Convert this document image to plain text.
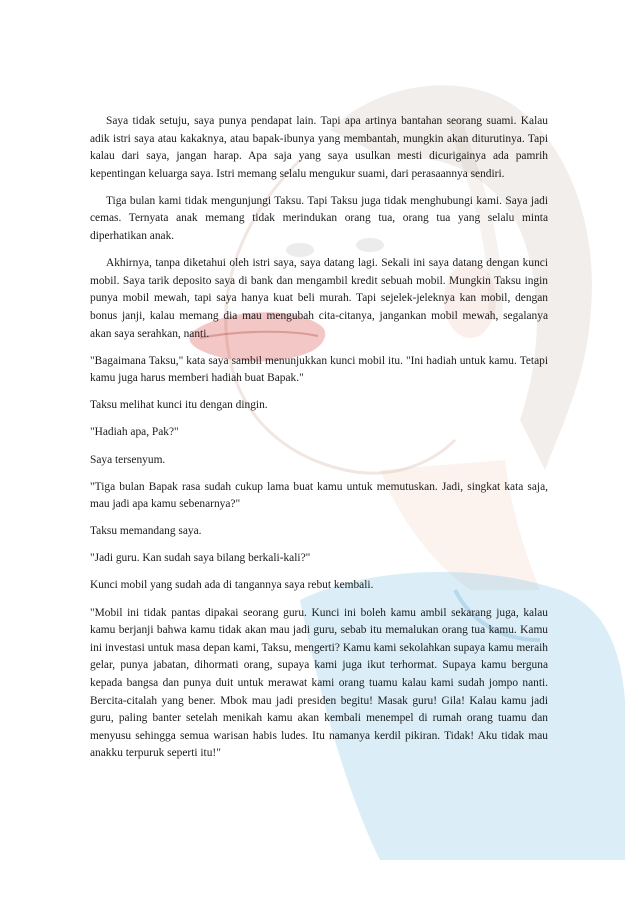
Saya tidak setuju, saya punya pendapat lain. Tapi apa artinya bantahan seorang suami. Kalau adik istri saya atau kakaknya, atau bapak-ibunya yang membantah, mungkin akan diturutinya. Tapi kalau dari saya, jangan harap. Apa saja yang saya usulkan mesti dicurigainya ada pamrih kepentingan keluarga saya. Istri memang selalu mengukur suami, dari perasaannya sendiri.

Tiga bulan kami tidak mengunjungi Taksu. Tapi Taksu juga tidak menghubungi kami. Saya jadi cemas. Ternyata anak memang tidak merindukan orang tua, orang tua yang selalu minta diperhatikan anak.

Akhirnya, tanpa diketahui oleh istri saya, saya datang lagi. Sekali ini saya datang dengan kunci mobil. Saya tarik deposito saya di bank dan mengambil kredit sebuah mobil. Mungkin Taksu ingin punya mobil mewah, tapi saya hanya kuat beli murah. Tapi sejelek-jeleknya kan mobil, dengan bonus janji, kalau memang dia mau mengubah cita-citanya, jangankan mobil mewah, segalanya akan saya serahkan, nanti.

"Bagaimana Taksu," kata saya sambil menunjukkan kunci mobil itu. "Ini hadiah untuk kamu. Tetapi kamu juga harus memberi hadiah buat Bapak."

Taksu melihat kunci itu dengan dingin.

"Hadiah apa, Pak?"

Saya tersenyum.

"Tiga bulan Bapak rasa sudah cukup lama buat kamu untuk memutuskan. Jadi, singkat kata saja, mau jadi apa kamu sebenarnya?"

Taksu memandang saya.

"Jadi guru. Kan sudah saya bilang berkali-kali?"

Kunci mobil yang sudah ada di tangannya saya rebut kembali.

"Mobil ini tidak pantas dipakai seorang guru. Kunci ini boleh kamu ambil sekarang juga, kalau kamu berjanji bahwa kamu tidak akan mau jadi guru, sebab itu memalukan orang tua kamu. Kamu ini investasi untuk masa depan kami, Taksu, mengerti? Kamu kami sekolahkan supaya kamu meraih gelar, punya jabatan, dihormati orang, supaya kami juga ikut terhormat. Supaya kamu berguna kepada bangsa dan punya duit untuk merawat kami orang tuamu kalau kami sudah jompo nanti. Bercita-citalah yang bener. Mbok mau jadi presiden begitu! Masak guru! Gila! Kalau kamu jadi guru, paling banter setelah menikah kamu akan kembali menempel di rumah orang tuamu dan menyusu sehingga semua warisan habis ludes. Itu namanya kerdil pikiran. Tidak! Aku tidak mau anakku terpuruk seperti itu!"
